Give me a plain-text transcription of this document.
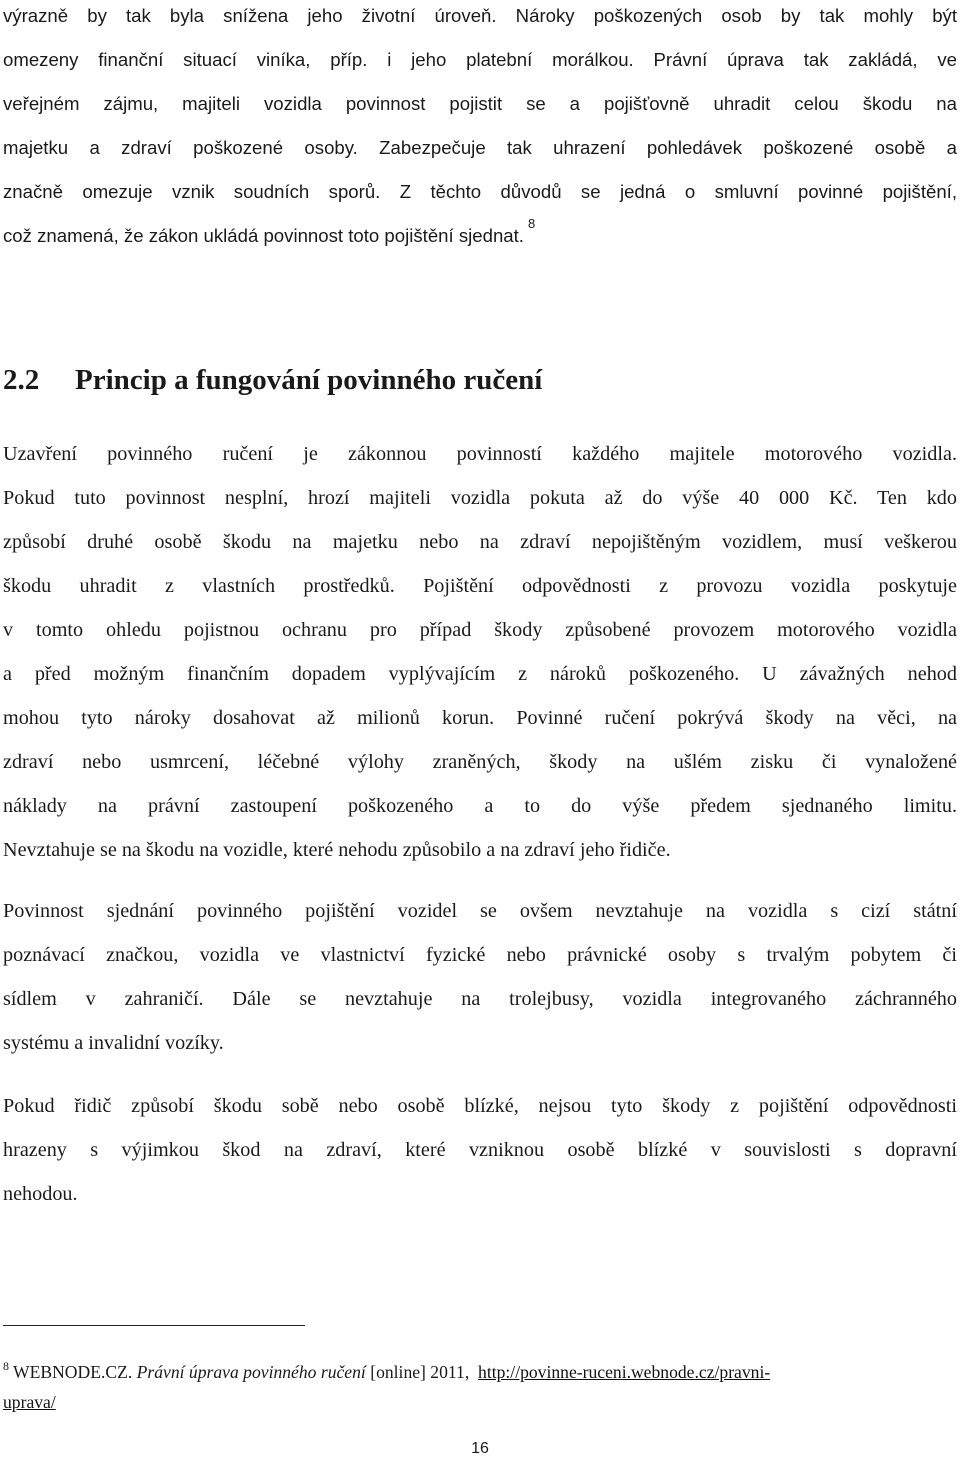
výrazně by tak byla snížena jeho životní úroveň. Nároky poškozených osob by tak mohly být
omezeny finanční situací viníka, příp. i jeho platební morálkou. Právní úprava tak zakládá, ve
veřejném zájmu, majiteli vozidla povinnost pojistit se a pojišťovně uhradit celou škodu na
majetku a zdraví poškozené osoby. Zabezpečuje tak uhrazení pohledávek poškozené osobě a
značně omezuje vznik soudních sporů. Z těchto důvodů se jedná o smluvní povinné pojištění,
což znamená, že zákon ukládá povinnost toto pojištění sjednat.$^8$
2.2 Princip a fungování povinného ručení
Uzavření povinného ručení je zákonnou povinností každého majitele motorového vozidla.
Pokud tuto povinnost nesplní, hrozí majiteli vozidla pokuta až do výše 40 000 Kč. Ten kdo
způsobí druhé osobě škodu na majetku nebo na zdraví nepojištěným vozidlem, musí veškerou
škodu uhradit z vlastních prostředků. Pojištění odpovědnosti z provozu vozidla poskytuje
v tomto ohledu pojistnou ochranu pro případ škody způsobené provozem motorového vozidla
a před možným finančním dopadem vyplývajícím z nároků poškozeného. U závažných nehod
mohou tyto nároky dosahovat až milionů korun. Povinné ručení pokrývá škody na věci, na
zdraví nebo usmrcení, léčebné výlohy zraněných, škody na ušlém zisku či vynaložené
náklady na právní zastoupení poškozeného a to do výše předem sjednaného limitu.
Nevztahuje se na škodu na vozidle, které nehodu způsobilo a na zdraví jeho řidiče.
Povinnost sjednání povinného pojištění vozidel se ovšem nevztahuje na vozidla s cizí státní
poznávací značkou, vozidla ve vlastnictví fyzické nebo právnické osoby s trvalým pobytem či
sídlem v zahraničí. Dále se nevztahuje na trolejbusy, vozidla integrovaného záchranného
systému a invalidní vozíky.
Pokud řidič způsobí škodu sobě nebo osobě blízké, nejsou tyto škody z pojištění odpovědnosti
hrazeny s výjimkou škod na zdraví, které vzniknou osobě blízké v souvislosti s dopravní
nehodou.
$^8$ WEBNODE.CZ. Právní úprava povinného ručení [online] 2011, http://povinne-ruceni.webnode.cz/pravni-
uprava/

16
